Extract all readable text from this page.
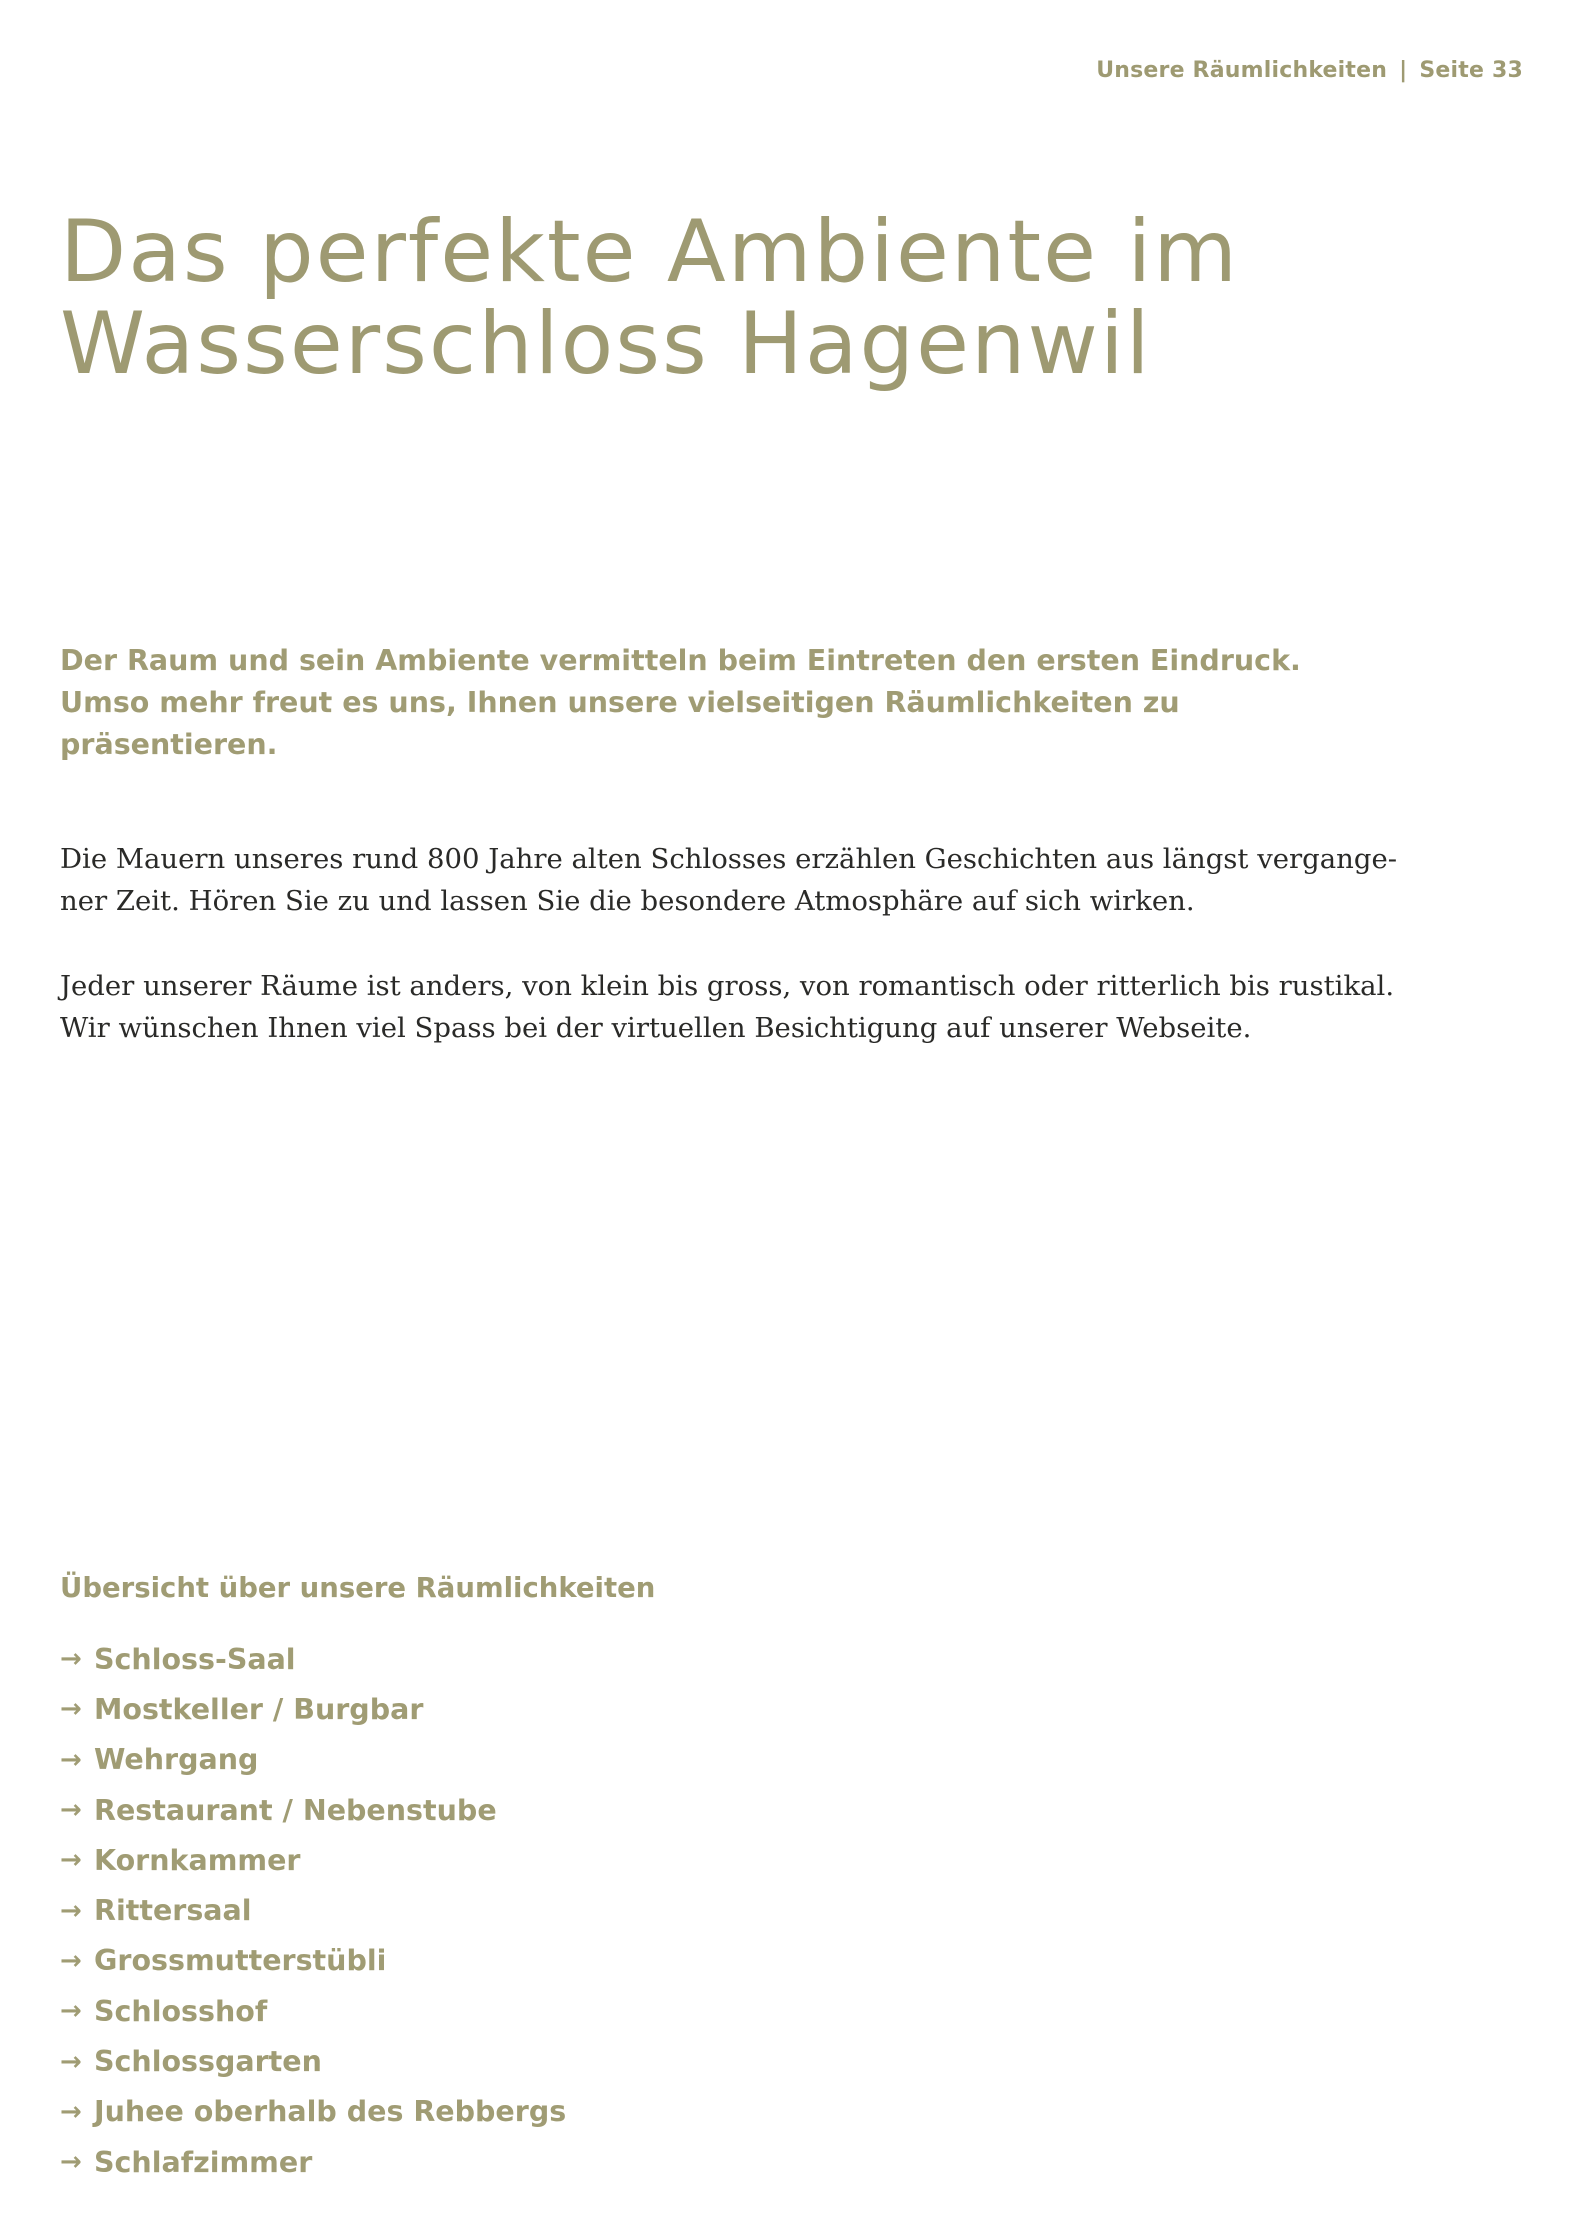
Unsere Räumlichkeiten | Seite 33
Das perfekte Ambiente im
Wasserschloss Hagenwil

Der Raum und sein Ambiente vermitteln beim Eintreten den ersten Eindruck.
Umso mehr freut es uns, Ihnen unsere vielseitigen Räumlichkeiten zu
präsentieren.

Die Mauern unseres rund 800 Jahre alten Schlosses erzählen Geschichten aus längst vergange-
ner Zeit. Hören Sie zu und lassen Sie die besondere Atmosphäre auf sich wirken.

Jeder unserer Räume ist anders, von klein bis gross, von romantisch oder ritterlich bis rustikal.
Wir wünschen Ihnen viel Spass bei der virtuellen Besichtigung auf unserer Webseite.

Übersicht über unsere Räumlichkeiten
→ Schloss-Saal
→ Mostkeller / Burgbar
→ Wehrgang
→ Restaurant / Nebenstube
→ Kornkammer
→ Rittersaal
→ Grossmutterstübli
→ Schlosshof
→ Schlossgarten
→ Juhee oberhalb des Rebbergs
→ Schlafzimmer
